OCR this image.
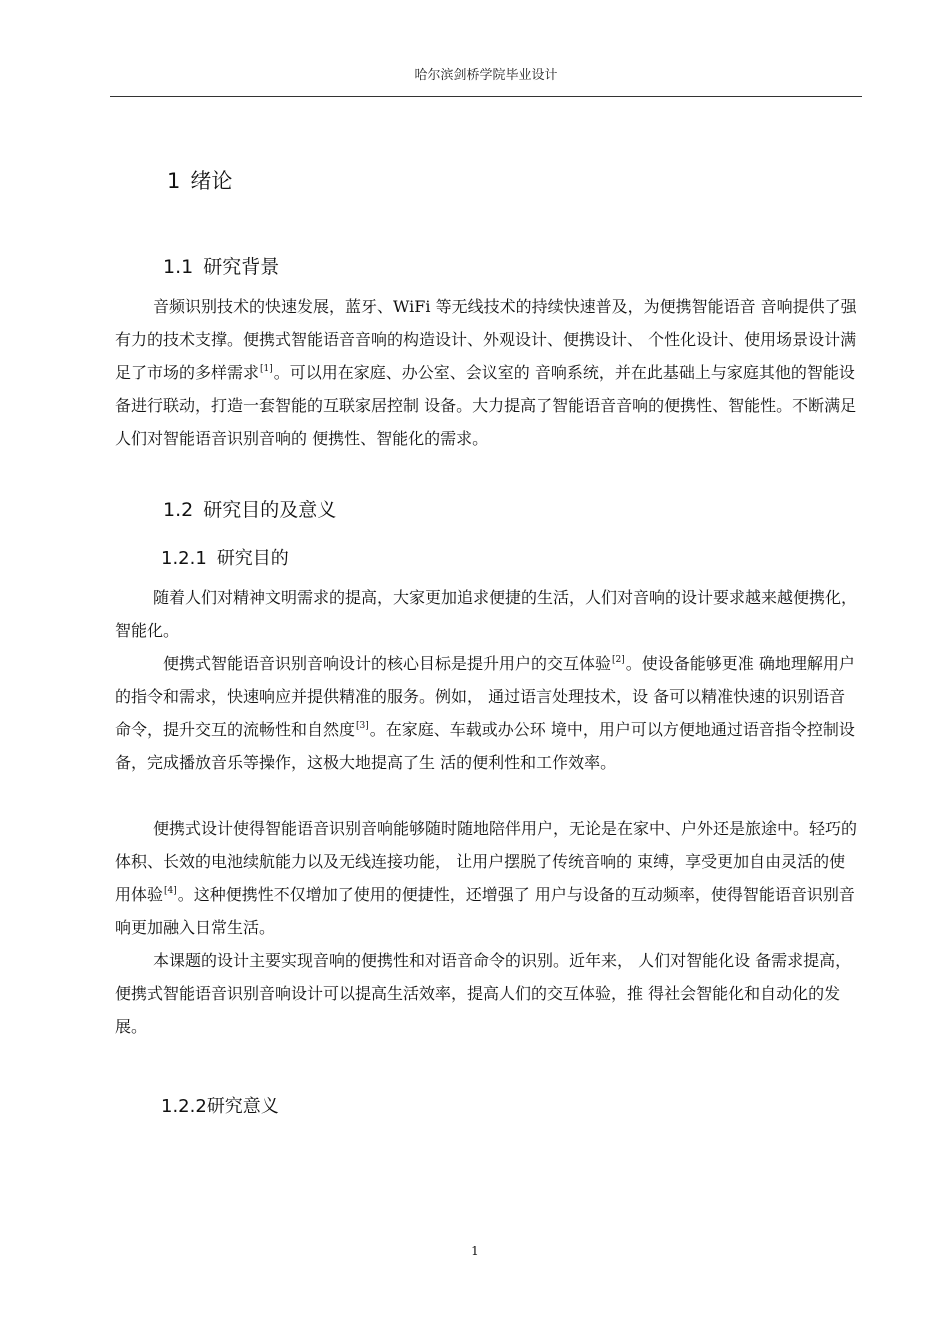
哈尔滨剑桥学院毕业设计
1 绪论
1.1 研究背景

音频识别技术的快速发展，蓝牙、WiFi 等无线技术的持续快速普及，为便携智能语音 音响提供了强有力的技术支撑。便携式智能语音音响的构造设计、外观设计、便携设计、 个性化设计、使用场景设计满足了市场的多样需求[1]。可以用在家庭、办公室、会议室的 音响系统，并在此基础上与家庭其他的智能设备进行联动，打造一套智能的互联家居控制 设备。大力提高了智能语音音响的便携性、智能性。不断满足人们对智能语音识别音响的 便携性、智能化的需求。

1.2 研究目的及意义
1.2.1 研究目的

随着人们对精神文明需求的提高，大家更加追求便捷的生活，人们对音响的设计要求越来越便携化，智能化。

便携式智能语音识别音响设计的核心目标是提升用户的交互体验[2]。使设备能够更准 确地理解用户的指令和需求，快速响应并提供精准的服务。例如， 通过语言处理技术，设 备可以精准快速的识别语音命令，提升交互的流畅性和自然度[3]。在家庭、车载或办公环 境中，用户可以方便地通过语音指令控制设备，完成播放音乐等操作，这极大地提高了生 活的便利性和工作效率。

便携式设计使得智能语音识别音响能够随时随地陪伴用户，无论是在家中、户外还是旅途中。轻巧的体积、长效的电池续航能力以及无线连接功能， 让用户摆脱了传统音响的 束缚，享受更加自由灵活的使用体验[4]。这种便携性不仅增加了使用的便捷性，还增强了 用户与设备的互动频率，使得智能语音识别音响更加融入日常生活。

本课题的设计主要实现音响的便携性和对语音命令的识别。近年来， 人们对智能化设 备需求提高，便携式智能语音识别音响设计可以提高生活效率，提高人们的交互体验，推 得社会智能化和自动化的发展。

1.2.2研究意义
1
